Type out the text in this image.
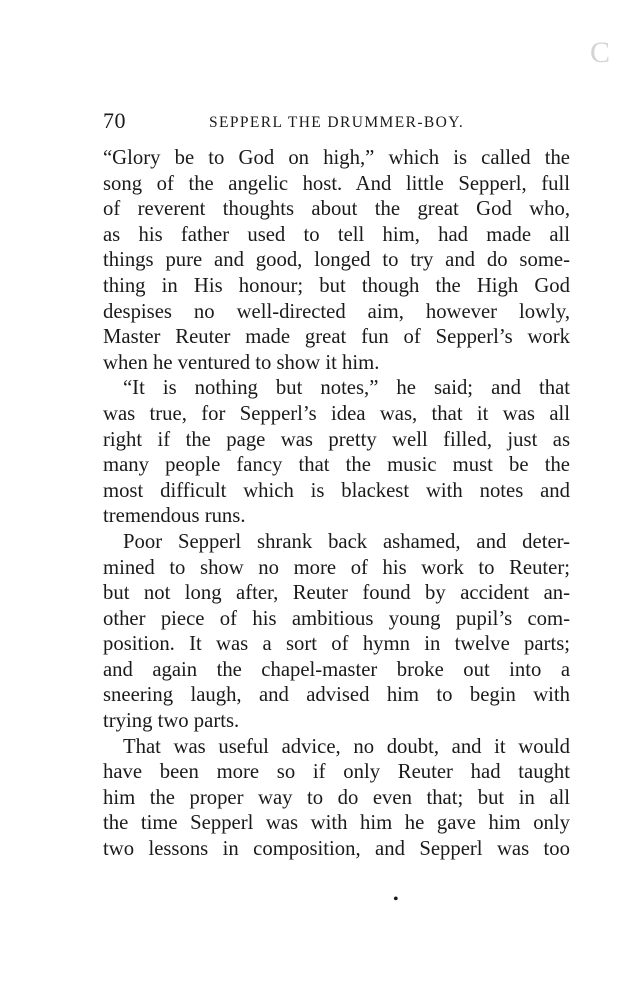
C
70	SEPPERL THE DRUMMER-BOY.
“Glory be to God on high,” which is called the
song of the angelic host. And little Sepperl, full
of reverent thoughts about the great God who,
as his father used to tell him, had made all
things pure and good, longed to try and do some-
thing in His honour; but though the High God
despises no well-directed aim, however lowly,
Master Reuter made great fun of Sepperl’s work
when he ventured to show it him.
“It is nothing but notes,” he said; and that
was true, for Sepperl’s idea was, that it was all
right if the page was pretty well filled, just as
many people fancy that the music must be the
most difficult which is blackest with notes and
tremendous runs.
Poor Sepperl shrank back ashamed, and deter-
mined to show no more of his work to Reuter;
but not long after, Reuter found by accident an-
other piece of his ambitious young pupil’s com-
position. It was a sort of hymn in twelve parts;
and again the chapel-master broke out into a
sneering laugh, and advised him to begin with
trying two parts.
That was useful advice, no doubt, and it would
have been more so if only Reuter had taught
him the proper way to do even that; but in all
the time Sepperl was with him he gave him only
two lessons in composition, and Sepperl was too
•
